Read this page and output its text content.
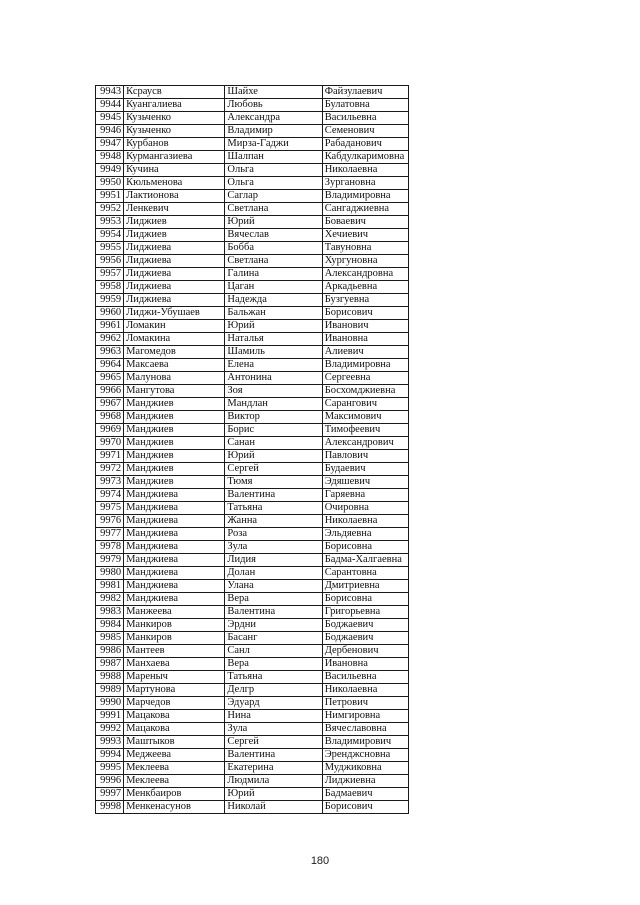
9943	Ксраусв	Шайхе	Файзулаевич
9944	Куангалиева	Любовь	Булатовна
9945	Кузьченко	Александра	Васильевна
9946	Кузьченко	Владимир	Семенович
9947	Курбанов	Мирза-Гаджи	Рабаданович
9948	Курмангазиева	Шалпан	Кабдулкаримовна
9949	Кучина	Ольга	Николаевна
9950	Кюльменова	Ольга	Зургановна
9951	Лактионова	Саглар	Владимировна
9952	Ленкевич	Светлана	Сангаджиевна
9953	Лиджиев	Юрий	Боваевич
9954	Лиджиев	Вячеслав	Хечиевич
9955	Лиджиева	Бобба	Тавуновна
9956	Лиджиева	Светлана	Хургуновна
9957	Лиджиева	Галина	Александровна
9958	Лиджиева	Цаган	Аркадьевна
9959	Лиджиева	Надежда	Бузгуевна
9960	Лиджи-Убушаев	Бальжан	Борисович
9961	Ломакин	Юрий	Иванович
9962	Ломакина	Наталья	Ивановна
9963	Магомедов	Шамиль	Алиевич
9964	Максаева	Елена	Владимировна
9965	Малунова	Антонина	Сергеевна
9966	Мангутова	Зоя	Босхомджиевна
9967	Манджиев	Мандлан	Сарангович
9968	Манджиев	Виктор	Максимович
9969	Манджиев	Борис	Тимофеевич
9970	Манджиев	Санан	Александрович
9971	Манджиев	Юрий	Павлович
9972	Манджиев	Сергей	Будаевич
9973	Манджиев	Тюмя	Эдяшевич
9974	Манджиева	Валентина	Гаряевна
9975	Манджиева	Татьяна	Очировна
9976	Манджиева	Жанна	Николаевна
9977	Манджиева	Роза	Эльдяевна
9978	Манджиева	Зула	Борисовна
9979	Манджиева	Лидия	Бадма-Халгаевна
9980	Манджиева	Долан	Сарантовна
9981	Манджиева	Улана	Дмитриевна
9982	Манджиева	Вера	Борисовна
9983	Манжеева	Валентина	Григорьевна
9984	Манкиров	Эрдни	Боджаевич
9985	Манкиров	Басанг	Боджаевич
9986	Мантеев	Санл	Дербенович
9987	Манхаева	Вера	Ивановна
9988	Мареныч	Татьяна	Васильевна
9989	Мартунова	Делгр	Николаевна
9990	Марчедов	Эдуард	Петрович
9991	Мацакова	Нина	Нимгировна
9992	Мацакова	Зула	Вячеславовна
9993	Маштыков	Сергей	Владимирович
9994	Меджеева	Валентина	Эренджсновна
9995	Меклеева	Екатерина	Муджиковна
9996	Меклеева	Людмила	Лиджиевна
9997	Менкбаиров	Юрий	Бадмаевич
9998	Менкенасунов	Николай	Борисович
180
